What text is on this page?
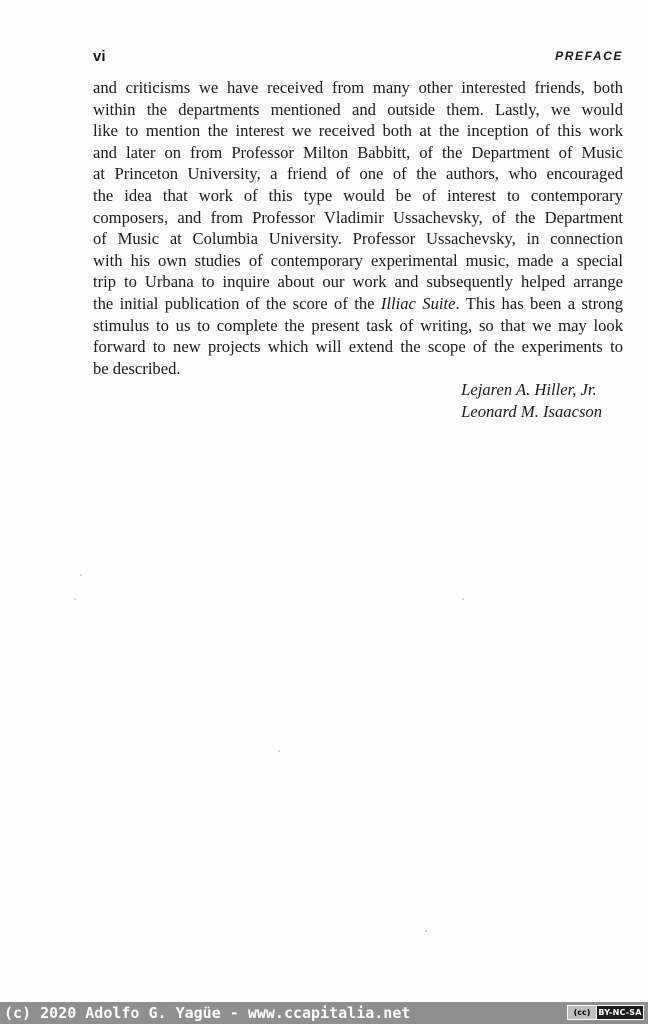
vi	PREFACE
and criticisms we have received from many other interested friends, both
within the departments mentioned and outside them. Lastly, we would
like to mention the interest we received both at the inception of this work
and later on from Professor Milton Babbitt, of the Department of Music
at Princeton University, a friend of one of the authors, who encouraged
the idea that work of this type would be of interest to contemporary
composers, and from Professor Vladimir Ussachevsky, of the Department
of Music at Columbia University. Professor Ussachevsky, in connection
with his own studies of contemporary experimental music, made a special
trip to Urbana to inquire about our work and subsequently helped arrange
the initial publication of the score of the Illiac Suite. This has been a strong
stimulus to us to complete the present task of writing, so that we may look
forward to new projects which will extend the scope of the experiments to
be described.
Lejaren A. Hiller, Jr.
Leonard M. Isaacson
(c) 2020 Adolfo G. Yagüe - www.ccapitalia.net	(cc) BY-NC-SA
